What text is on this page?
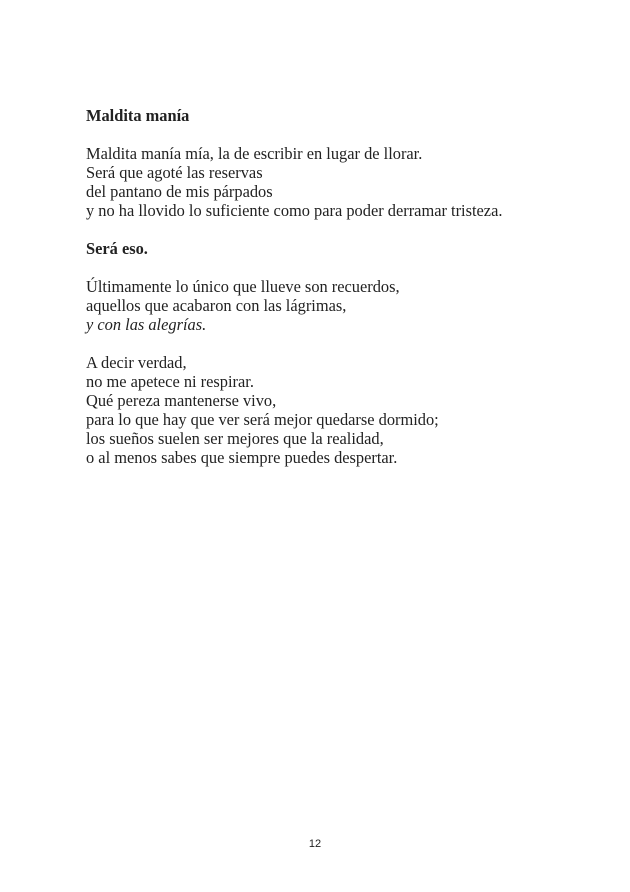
Maldita manía
Maldita manía mía, la de escribir en lugar de llorar.
Será que agoté las reservas
del pantano de mis párpados
y no ha llovido lo suficiente como para poder derramar tristeza.
Será eso.
Últimamente lo único que llueve son recuerdos,
aquellos que acabaron con las lágrimas,
y con las alegrías.
A decir verdad,
no me apetece ni respirar.
Qué pereza mantenerse vivo,
para lo que hay que ver será mejor quedarse dormido;
los sueños suelen ser mejores que la realidad,
o al menos sabes que siempre puedes despertar.
12
